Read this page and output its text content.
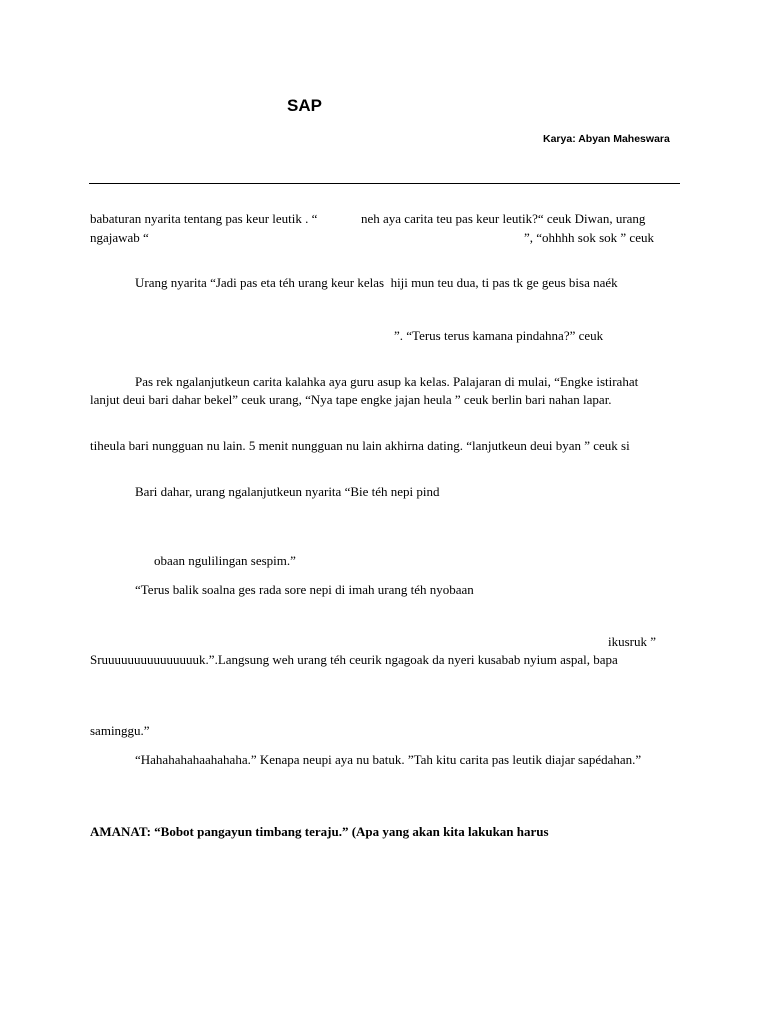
SAP
Karya: Abyan Maheswara
babaturan nyarita tentang pas keur leutik . “	neh aya carita teu pas keur leutik?“ ceuk Diwan, urang
ngajawab “	”, “ohhhh sok sok ” ceuk
Urang nyarita “Jadi pas eta téh urang keur kelas  hiji mun teu dua, ti pas tk ge geus bisa naék
”. “Terus terus kamana pindahna?” ceuk
Pas rek ngalanjutkeun carita kalahka aya guru asup ka kelas. Palajaran di mulai, “Engke istirahat
lanjut deui bari dahar bekel” ceuk urang, “Nya tape engke jajan heula ” ceuk berlin bari nahan lapar.
tiheula bari nungguan nu lain. 5 menit nungguan nu lain akhirna dating. “lanjutkeun deui byan ” ceuk si
Bari dahar, urang ngalanjutkeun nyarita “Bie téh nepi pind
obaan ngulilingan sespim.”
“Terus balik soalna ges rada sore nepi di imah urang téh nyobaan
ikusruk ”
Sruuuuuuuuuuuuuuuk.”.Langsung weh urang téh ceurik ngagoak da nyeri kusabab nyium aspal, bapa
saminggu.”
“Hahahahahaahahaha.” Kenapa neupi aya nu batuk. ”Tah kitu carita pas leutik diajar sapédahan.”
AMANAT: “Bobot pangayun timbang teraju.” (Apa yang akan kita lakukan harus
